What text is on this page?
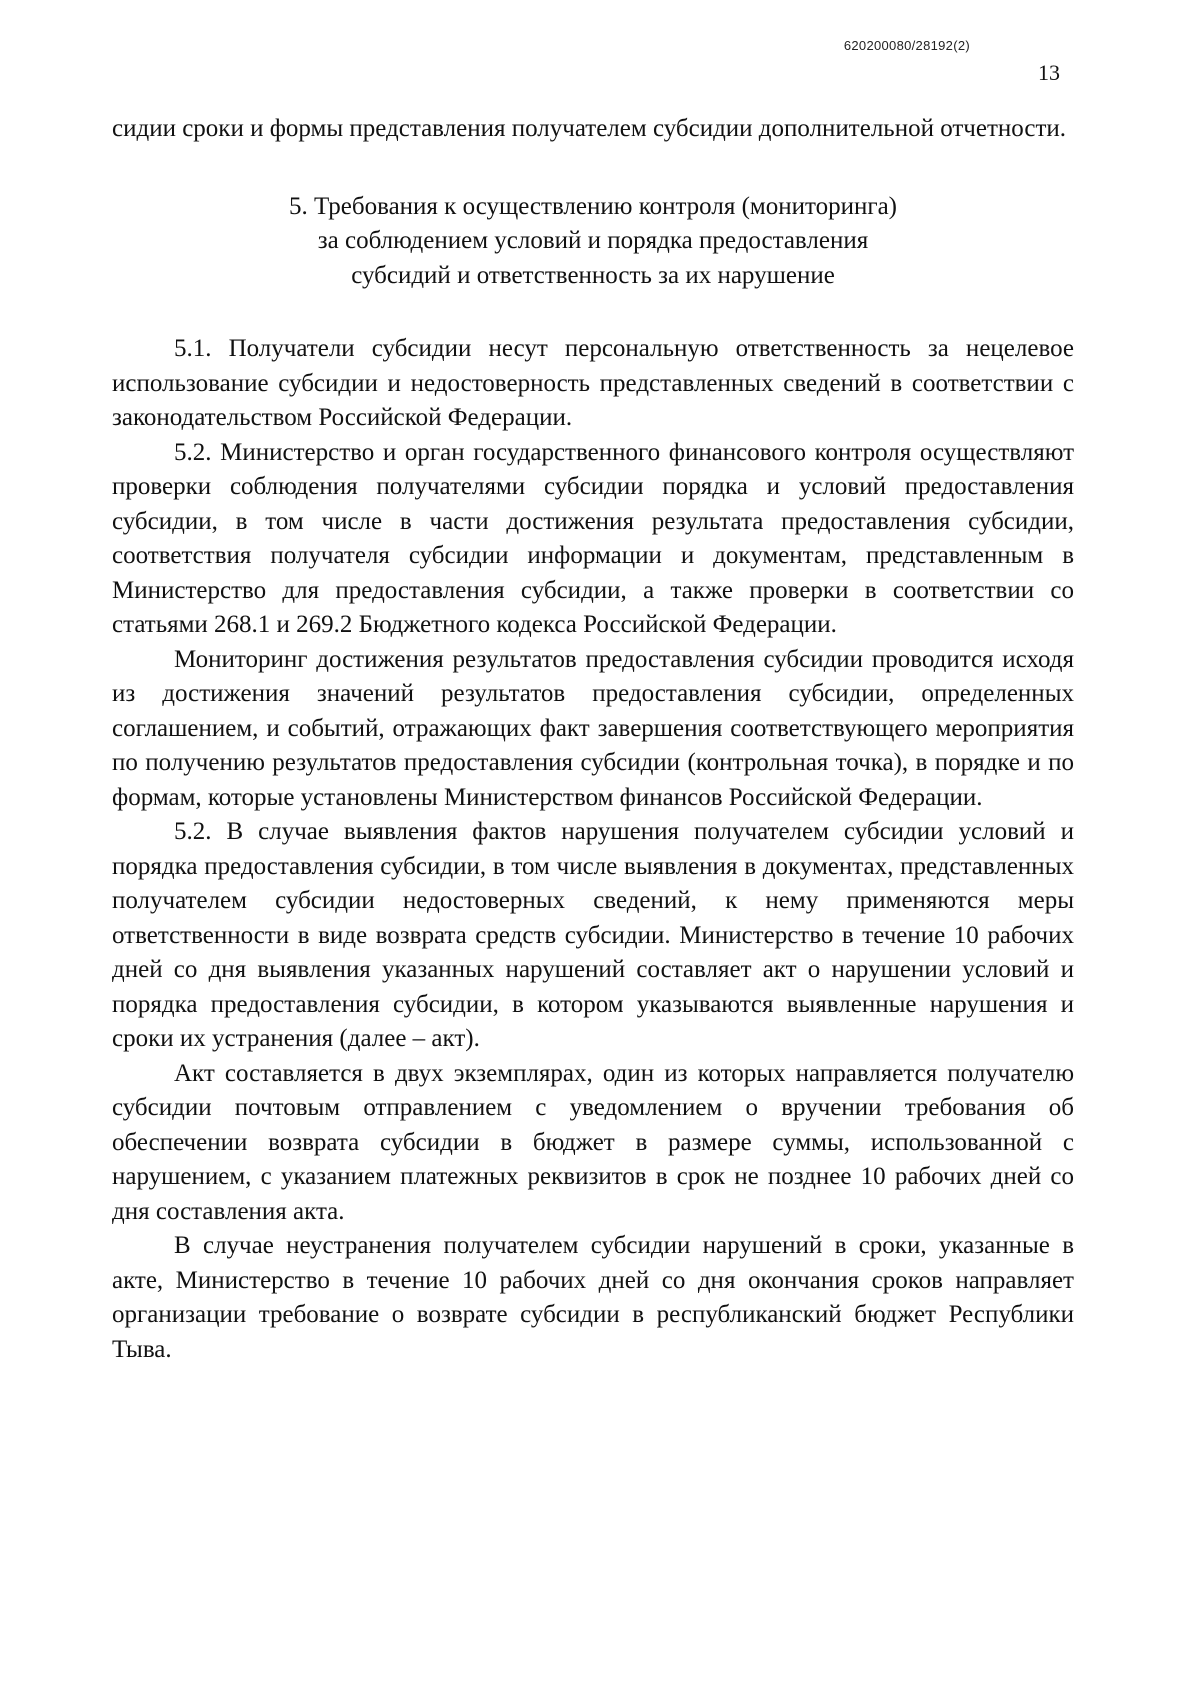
620200080/28192(2)
13

сидии сроки и формы представления получателем субсидии дополнительной отчетности.

5. Требования к осуществлению контроля (мониторинга)
за соблюдением условий и порядка предоставления
субсидий и ответственность за их нарушение

5.1. Получатели субсидии несут персональную ответственность за нецелевое использование субсидии и недостоверность представленных сведений в соответствии с законодательством Российской Федерации.

5.2. Министерство и орган государственного финансового контроля осуществляют проверки соблюдения получателями субсидии порядка и условий предоставления субсидии, в том числе в части достижения результата предоставления субсидии, соответствия получателя субсидии информации и документам, представленным в Министерство для предоставления субсидии, а также проверки в соответствии со статьями 268.1 и 269.2 Бюджетного кодекса Российской Федерации.

Мониторинг достижения результатов предоставления субсидии проводится исходя из достижения значений результатов предоставления субсидии, определенных соглашением, и событий, отражающих факт завершения соответствующего мероприятия по получению результатов предоставления субсидии (контрольная точка), в порядке и по формам, которые установлены Министерством финансов Российской Федерации.

5.2. В случае выявления фактов нарушения получателем субсидии условий и порядка предоставления субсидии, в том числе выявления в документах, представленных получателем субсидии недостоверных сведений, к нему применяются меры ответственности в виде возврата средств субсидии. Министерство в течение 10 рабочих дней со дня выявления указанных нарушений составляет акт о нарушении условий и порядка предоставления субсидии, в котором указываются выявленные нарушения и сроки их устранения (далее – акт).

Акт составляется в двух экземплярах, один из которых направляется получателю субсидии почтовым отправлением с уведомлением о вручении требования об обеспечении возврата субсидии в бюджет в размере суммы, использованной с нарушением, с указанием платежных реквизитов в срок не позднее 10 рабочих дней со дня составления акта.

В случае неустранения получателем субсидии нарушений в сроки, указанные в акте, Министерство в течение 10 рабочих дней со дня окончания сроков направляет организации требование о возврате субсидии в республиканский бюджет Республики Тыва.
